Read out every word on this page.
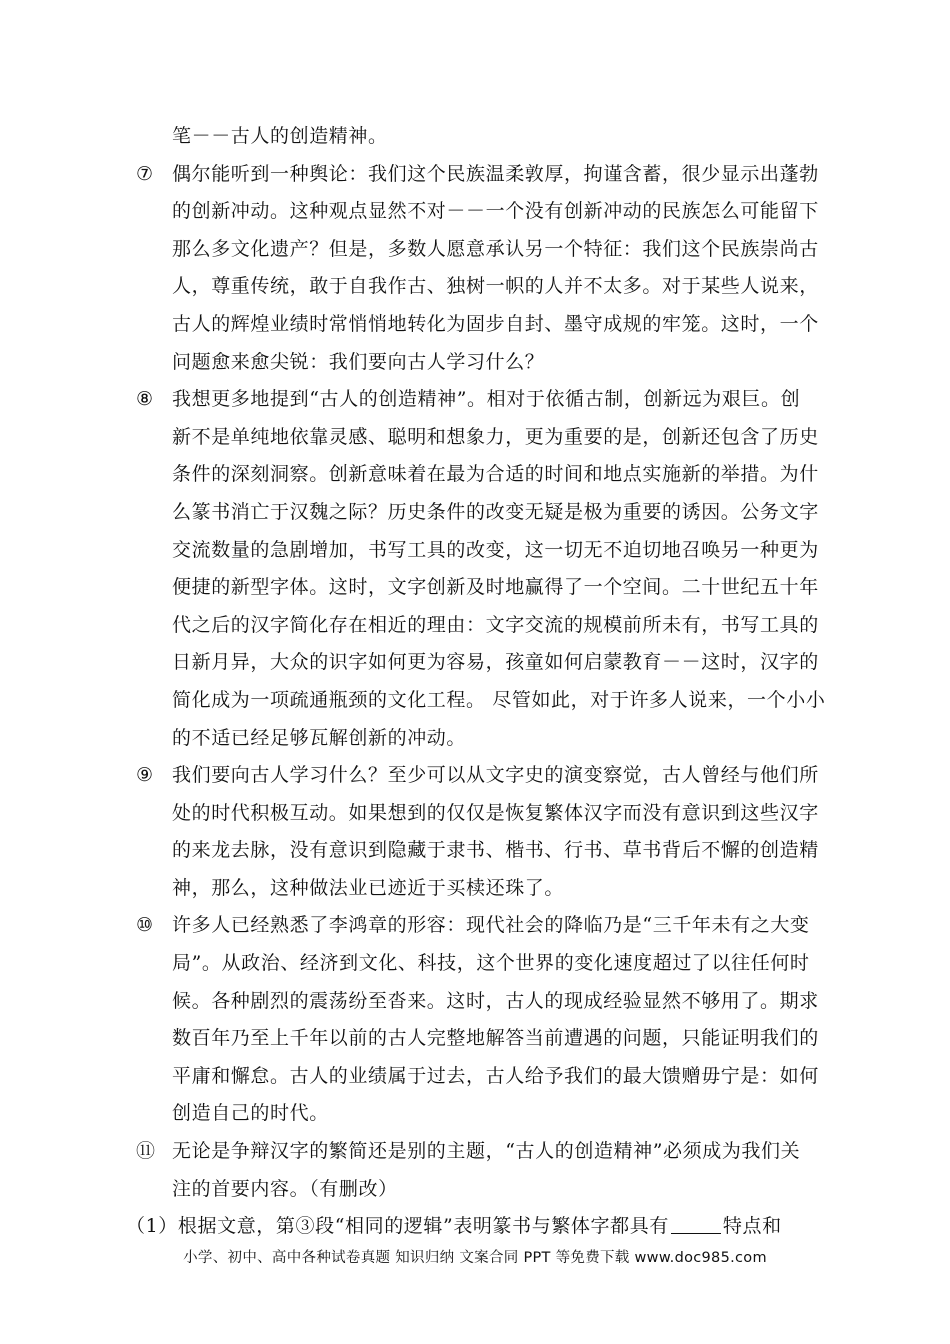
笔－－古人的创造精神。
⑦ 偶尔能听到一种舆论：我们这个民族温柔敦厚，拘谨含蓄，很少显示出蓬勃
的创新冲动。这种观点显然不对－－一个没有创新冲动的民族怎么可能留下
那么多文化遗产？但是，多数人愿意承认另一个特征：我们这个民族崇尚古
人，尊重传统，敢于自我作古、独树一帜的人并不太多。对于某些人说来，
古人的辉煌业绩时常悄悄地转化为固步自封、墨守成规的牢笼。这时，一个
问题愈来愈尖锐：我们要向古人学习什么？
⑧ 我想更多地提到“古人的创造精神”。相对于依循古制，创新远为艰巨。创
新不是单纯地依靠灵感、聪明和想象力，更为重要的是，创新还包含了历史
条件的深刻洞察。创新意味着在最为合适的时间和地点实施新的举措。为什
么篆书消亡于汉魏之际？历史条件的改变无疑是极为重要的诱因。公务文字
交流数量的急剧增加，书写工具的改变，这一切无不迫切地召唤另一种更为
便捷的新型字体。这时，文字创新及时地赢得了一个空间。二十世纪五十年
代之后的汉字简化存在相近的理由：文字交流的规模前所未有，书写工具的
日新月异，大众的识字如何更为容易，孩童如何启蒙教育－－这时，汉字的
简化成为一项疏通瓶颈的文化工程。 尽管如此，对于许多人说来，一个小小
的不适已经足够瓦解创新的冲动。
⑨ 我们要向古人学习什么？至少可以从文字史的演变察觉，古人曾经与他们所
处的时代积极互动。如果想到的仅仅是恢复繁体汉字而没有意识到这些汉字
的来龙去脉，没有意识到隐藏于隶书、楷书、行书、草书背后不懈的创造精
神，那么，这种做法业已迹近于买椟还珠了。
⑩ 许多人已经熟悉了李鸿章的形容：现代社会的降临乃是“三千年未有之大变
局”。从政治、经济到文化、科技，这个世界的变化速度超过了以往任何时
候。各种剧烈的震荡纷至沓来。这时，古人的现成经验显然不够用了。期求
数百年乃至上千年以前的古人完整地解答当前遭遇的问题，只能证明我们的
平庸和懈怠。古人的业绩属于过去，古人给予我们的最大馈赠毋宁是：如何
创造自己的时代。
⑪ 无论是争辩汉字的繁简还是别的主题，“古人的创造精神”必须成为我们关
注的首要内容。（有删改）
（1）根据文意，第③段“相同的逻辑”表明篆书与繁体字都具有	特点和
小学、初中、高中各种试卷真题 知识归纳 文案合同 PPT 等免费下载 www.doc985.com
